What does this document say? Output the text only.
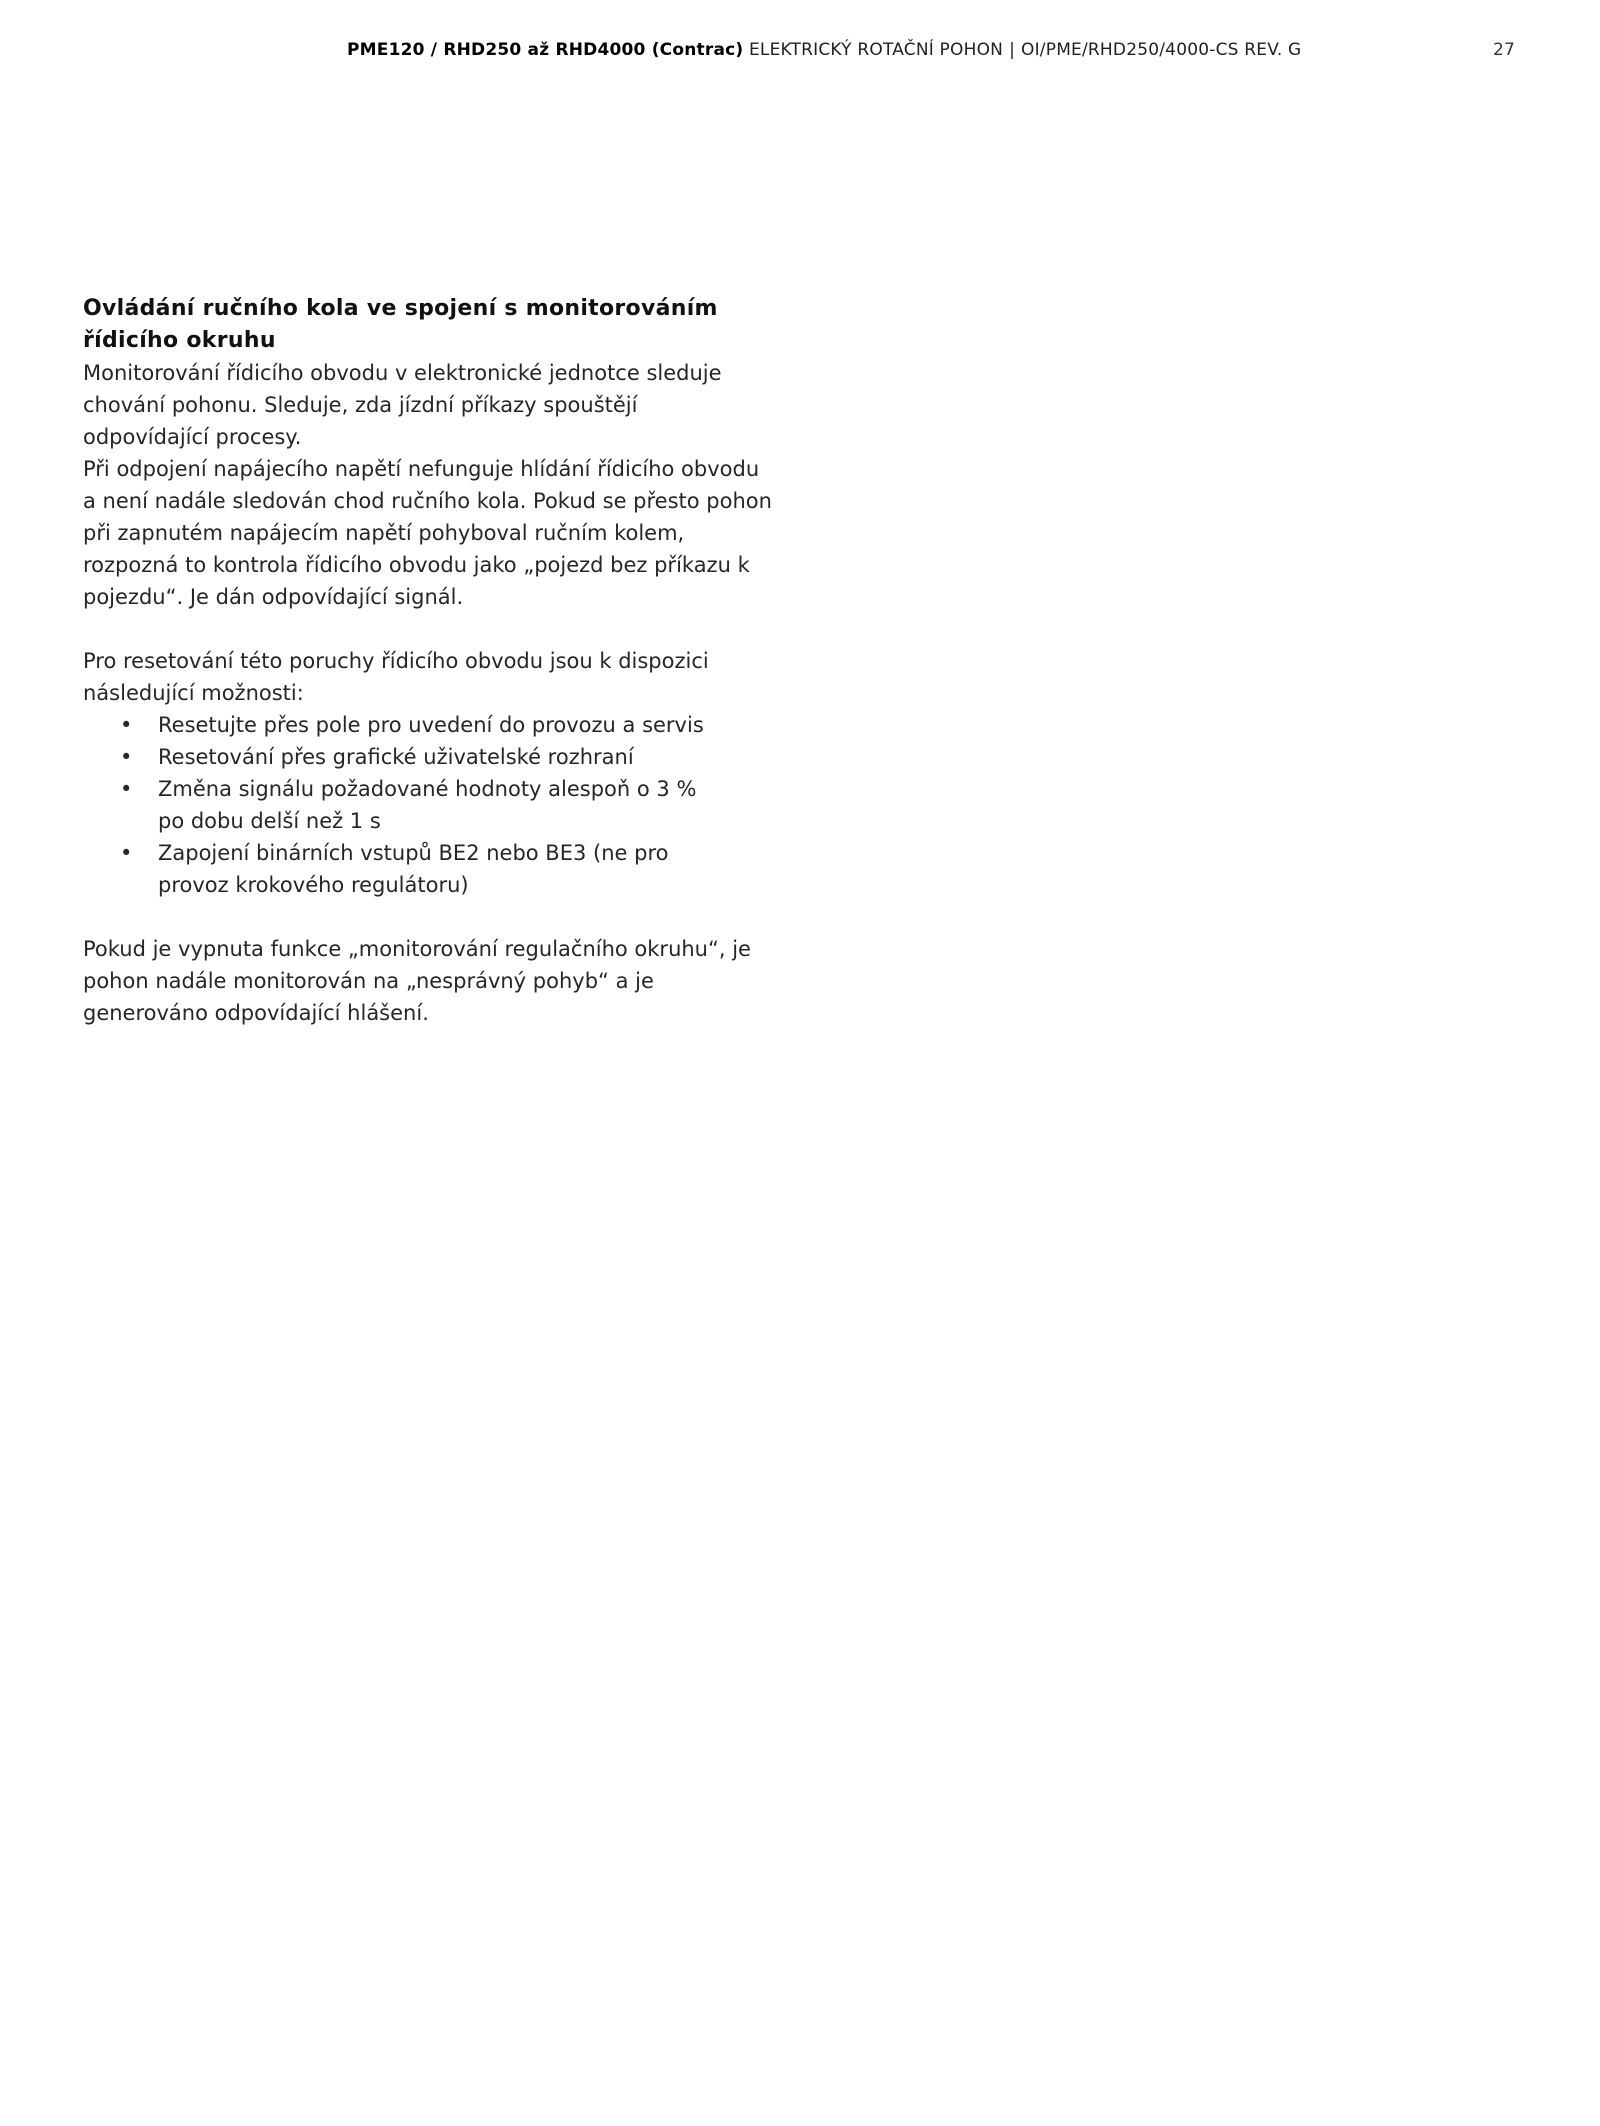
PME120 / RHD250 až RHD4000 (Contrac) ELEKTRICKÝ ROTAČNÍ POHON | OI/PME/RHD250/4000-CS REV. G	27
Ovládání ručního kola ve spojení s monitorováním řídicího okruhu
Monitorování řídicího obvodu v elektronické jednotce sleduje
chování pohonu. Sleduje, zda jízdní příkazy spouštějí
odpovídající procesy.
Při odpojení napájecího napětí nefunguje hlídání řídicího obvodu
a není nadále sledován chod ručního kola. Pokud se přesto pohon
při zapnutém napájecím napětí pohyboval ručním kolem,
rozpozná to kontrola řídicího obvodu jako „pojezd bez příkazu k
pojezdu“. Je dán odpovídající signál.
Pro resetování této poruchy řídicího obvodu jsou k dispozici
následující možnosti:
• Resetujte přes pole pro uvedení do provozu a servis
• Resetování přes grafické uživatelské rozhraní
• Změna signálu požadované hodnoty alespoň o 3 % po dobu delší než 1 s
• Zapojení binárních vstupů BE2 nebo BE3 (ne pro provoz krokového regulátoru)
Pokud je vypnuta funkce „monitorování regulačního okruhu“, je
pohon nadále monitorován na „nesprávný pohyb“ a je
generováno odpovídající hlášení.
